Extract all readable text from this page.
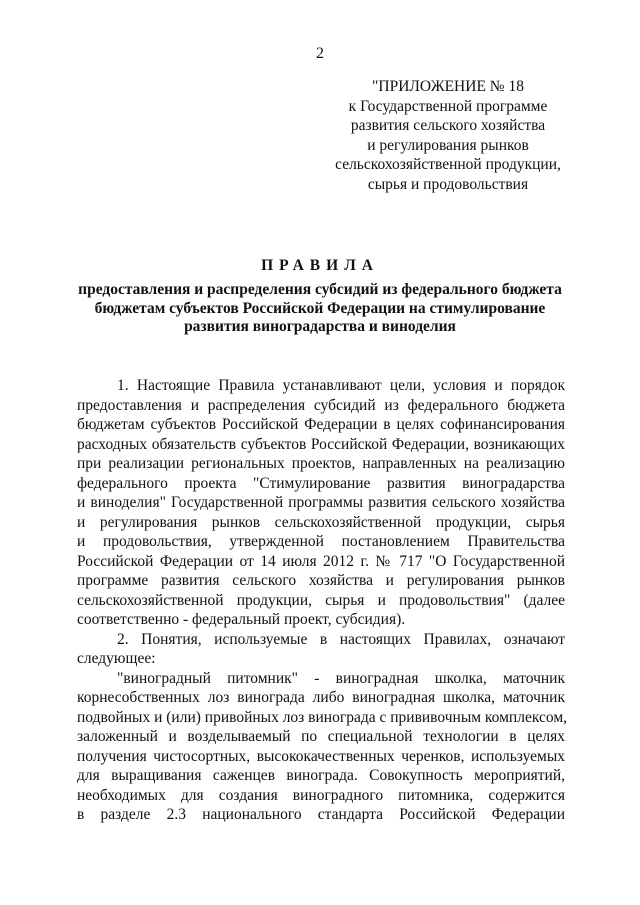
2
"ПРИЛОЖЕНИЕ № 18
к Государственной программе
развития сельского хозяйства
и регулирования рынков
сельскохозяйственной продукции,
сырья и продовольствия
ПРАВИЛА
предоставления и распределения субсидий из федерального бюджета
бюджетам субъектов Российской Федерации на стимулирование
развития виноградарства и виноделия
1. Настоящие Правила устанавливают цели, условия и порядок
предоставления и распределения субсидий из федерального бюджета
бюджетам субъектов Российской Федерации в целях софинансирования
расходных обязательств субъектов Российской Федерации, возникающих
при реализации региональных проектов, направленных на реализацию
федерального проекта "Стимулирование развития виноградарства
и виноделия" Государственной программы развития сельского хозяйства
и регулирования рынков сельскохозяйственной продукции, сырья
и продовольствия, утвержденной постановлением Правительства
Российской Федерации от 14 июля 2012 г. № 717 "О Государственной
программе развития сельского хозяйства и регулирования рынков
сельскохозяйственной продукции, сырья и продовольствия" (далее
соответственно - федеральный проект, субсидия).
2. Понятия, используемые в настоящих Правилах, означают
следующее:
"виноградный питомник" - виноградная школка, маточник
корнесобственных лоз винограда либо виноградная школка, маточник
подвойных и (или) привойных лоз винограда с прививочным комплексом,
заложенный и возделываемый по специальной технологии в целях
получения чистосортных, высококачественных черенков, используемых
для выращивания саженцев винограда. Совокупность мероприятий,
необходимых для создания виноградного питомника, содержится
в разделе 2.3 национального стандарта Российской Федерации
